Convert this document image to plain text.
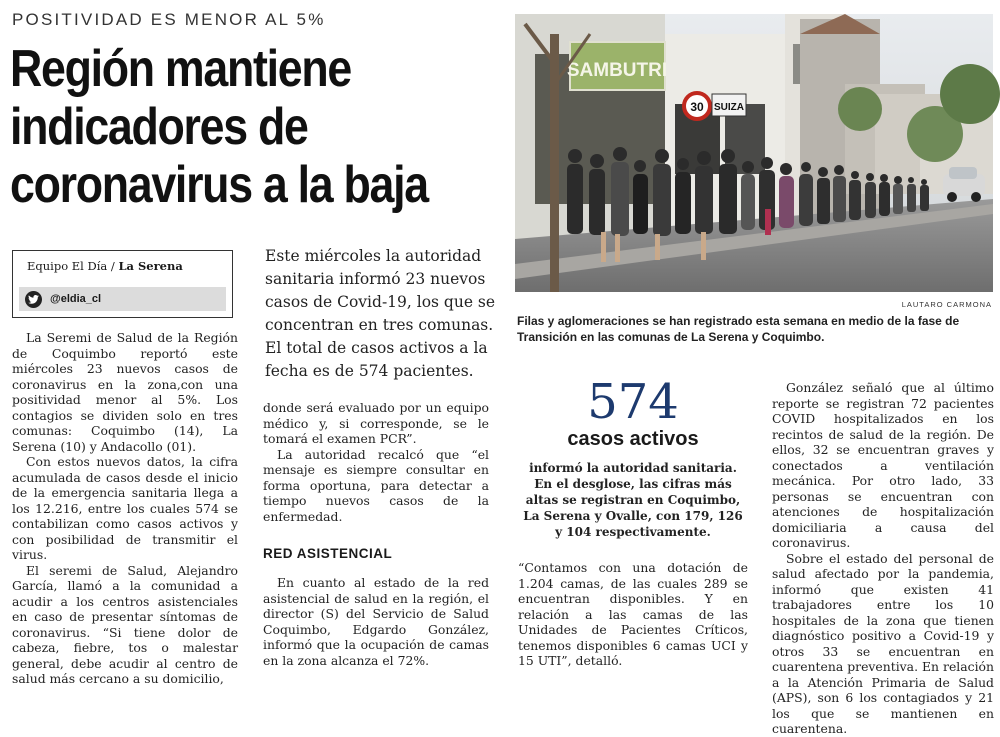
POSITIVIDAD ES MENOR AL 5%
Región mantiene indicadores de coronavirus a la baja
Equipo El Día / La Serena
@eldia_cl
Este miércoles la autoridad sanitaria informó 23 nuevos casos de Covid-19, los que se concentran en tres comunas. El total de casos activos a la fecha es de 574 pacientes.

La Seremi de Salud de la Región de Coquimbo reportó este miércoles 23 nuevos casos de coronavirus en la zona,con una positividad menor al 5%. Los contagios se dividen solo en tres comunas: Coquimbo (14), La Serena (10) y Andacollo (01).

Con estos nuevos datos, la cifra acumulada de casos desde el inicio de la emergencia sanitaria llega a los 12.216, entre los cuales 574 se contabilizan como casos activos y con posibilidad de transmitir el virus.

El seremi de Salud, Alejandro García, llamó a la comunidad a acudir a los centros asistenciales en caso de presentar síntomas de coronavirus. “Si tiene dolor de cabeza, fiebre, tos o malestar general, debe acudir al centro de salud más cercano a su domicilio,

donde será evaluado por un equipo médico y, si corresponde, se le tomará el examen PCR”.

La autoridad recalcó que “el mensaje es siempre consultar en forma oportuna, para detectar a tiempo nuevos casos de la enfermedad.

RED ASISTENCIAL

En cuanto al estado de la red asistencial de salud en la región, el director (S) del Servicio de Salud Coquimbo, Edgardo González, informó que la ocupación de camas en la zona alcanza el 72%.

SAMBUTRI
30 SUIZA
LAUTARO CARMONA
Filas y aglomeraciones se han registrado esta semana en medio de la fase de Transición en las comunas de La Serena y Coquimbo.
574
casos activos
informó la autoridad sanitaria. En el desglose, las cifras más altas se registran en Coquimbo, La Serena y Ovalle, con 179, 126 y 104 respectivamente.
“Contamos con una dotación de 1.204 camas, de las cuales 289 se encuentran disponibles. Y en relación a las camas de las Unidades de Pacientes Críticos, tenemos disponibles 6 camas UCI y 15 UTI”, detalló.

González señaló que al último reporte se registran 72 pacientes COVID hospitalizados en los recintos de salud de la región. De ellos, 32 se encuentran graves y conectados a ventilación mecánica. Por otro lado, 33 personas se encuentran con atenciones de hospitalización domiciliaria a causa del coronavirus.

Sobre el estado del personal de salud afectado por la pandemia, informó que existen 41 trabajadores entre los 10 hospitales de la zona que tienen diagnóstico positivo a Covid-19 y otros 33 se encuentran en cuarentena preventiva. En relación a la Atención Primaria de Salud (APS), son 6 los contagiados y 21 los que se mantienen en cuarentena.
